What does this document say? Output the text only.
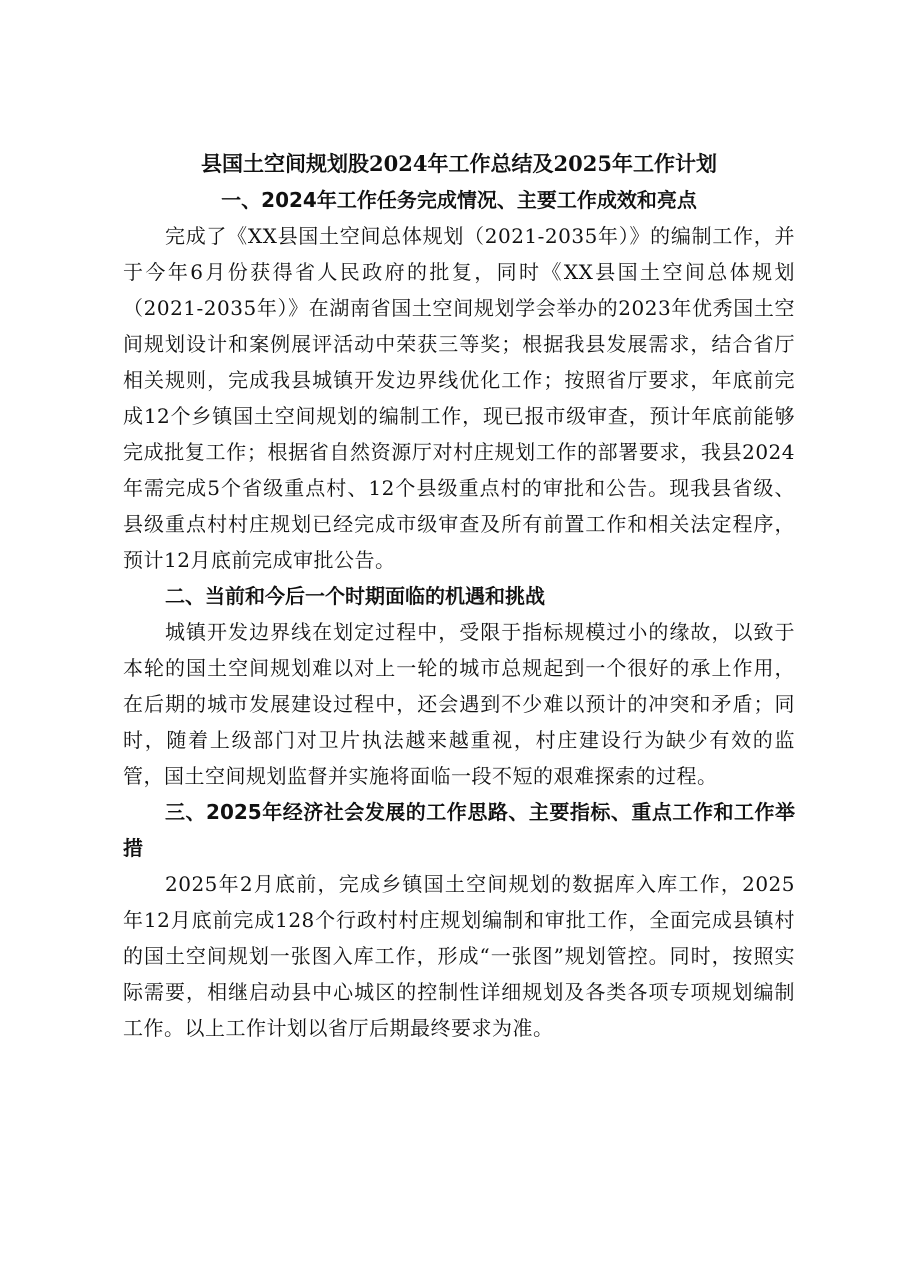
县国土空间规划股2024年工作总结及2025年工作计划
一、2024年工作任务完成情况、主要工作成效和亮点

完成了《XX县国土空间总体规划（2021-2035年）》的编制工作，并于今年6月份获得省人民政府的批复，同时《XX县国土空间总体规划（2021-2035年）》在湖南省国土空间规划学会举办的2023年优秀国土空间规划设计和案例展评活动中荣获三等奖；根据我县发展需求，结合省厅相关规则，完成我县城镇开发边界线优化工作；按照省厅要求，年底前完成12个乡镇国土空间规划的编制工作，现已报市级审查，预计年底前能够完成批复工作；根据省自然资源厅对村庄规划工作的部署要求，我县2024年需完成5个省级重点村、12个县级重点村的审批和公告。现我县省级、县级重点村村庄规划已经完成市级审查及所有前置工作和相关法定程序，预计12月底前完成审批公告。

二、当前和今后一个时期面临的机遇和挑战

城镇开发边界线在划定过程中，受限于指标规模过小的缘故，以致于本轮的国土空间规划难以对上一轮的城市总规起到一个很好的承上作用，在后期的城市发展建设过程中，还会遇到不少难以预计的冲突和矛盾；同时，随着上级部门对卫片执法越来越重视，村庄建设行为缺少有效的监管，国土空间规划监督并实施将面临一段不短的艰难探索的过程。

三、2025年经济社会发展的工作思路、主要指标、重点工作和工作举措

2025年2月底前，完成乡镇国土空间规划的数据库入库工作，2025年12月底前完成128个行政村村庄规划编制和审批工作，全面完成县镇村的国土空间规划一张图入库工作，形成“一张图”规划管控。同时，按照实际需要，相继启动县中心城区的控制性详细规划及各类各项专项规划编制工作。以上工作计划以省厅后期最终要求为准。
